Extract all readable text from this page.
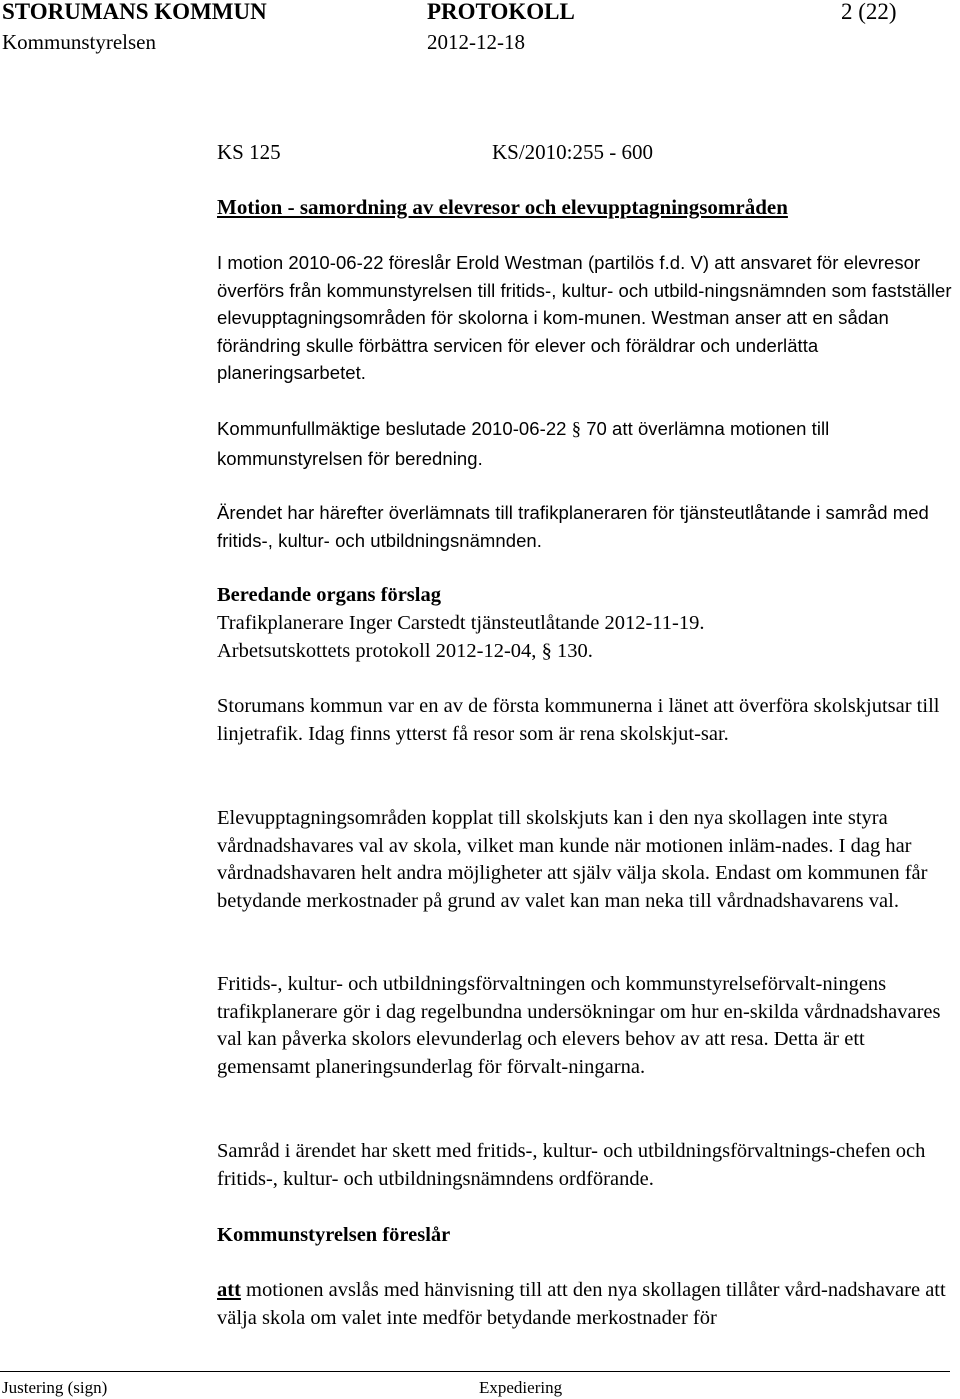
STORUMANS KOMMUN	PROTOKOLL	2 (22)
Kommunstyrelsen	2012-12-18
KS 125	KS/2010:255 - 600
Motion - samordning av elevresor och elevupptagningsområden
I motion 2010-06-22 föreslår Erold Westman (partilös f.d. V) att ansvaret för elevresor överförs från kommunstyrelsen till fritids-, kultur- och utbild-ningsnämnden som fastställer elevupptagningsområden för skolorna i kom-munen. Westman anser att en sådan förändring skulle förbättra servicen för elever och föräldrar och underlätta planeringsarbetet.
Kommunfullmäktige beslutade 2010-06-22 § 70 att överlämna motionen till kommunstyrelsen för beredning.
Ärendet har härefter överlämnats till trafikplaneraren för tjänsteutlåtande i samråd med fritids-, kultur- och utbildningsnämnden.
Beredande organs förslag
Trafikplanerare Inger Carstedt tjänsteutlåtande 2012-11-19.
Arbetsutskottets protokoll 2012-12-04, § 130.
Storumans kommun var en av de första kommunerna i länet att överföra skolskjutsar till linjetrafik. Idag finns ytterst få resor som är rena skolskjut-sar.
Elevupptagningsområden kopplat till skolskjuts kan i den nya skollagen inte styra vårdnadshavares val av skola, vilket man kunde när motionen inläm-nades. I dag har vårdnadshavaren helt andra möjligheter att själv välja skola. Endast om kommunen får betydande merkostnader på grund av valet kan man neka till vårdnadshavarens val.
Fritids-, kultur- och utbildningsförvaltningen och kommunstyrelseförvalt-ningens trafikplanerare gör i dag regelbundna undersökningar om hur en-skilda vårdnadshavares val kan påverka skolors elevunderlag och elevers behov av att resa. Detta är ett gemensamt planeringsunderlag för förvalt-ningarna.
Samråd i ärendet har skett med fritids-, kultur- och utbildningsförvaltnings-chefen och fritids-, kultur- och utbildningsnämndens ordförande.
Kommunstyrelsen föreslår
att motionen avslås med hänvisning till att den nya skollagen tillåter vård-nadshavare att välja skola om valet inte medför betydande merkostnader för
Justering (sign)	Expediering
